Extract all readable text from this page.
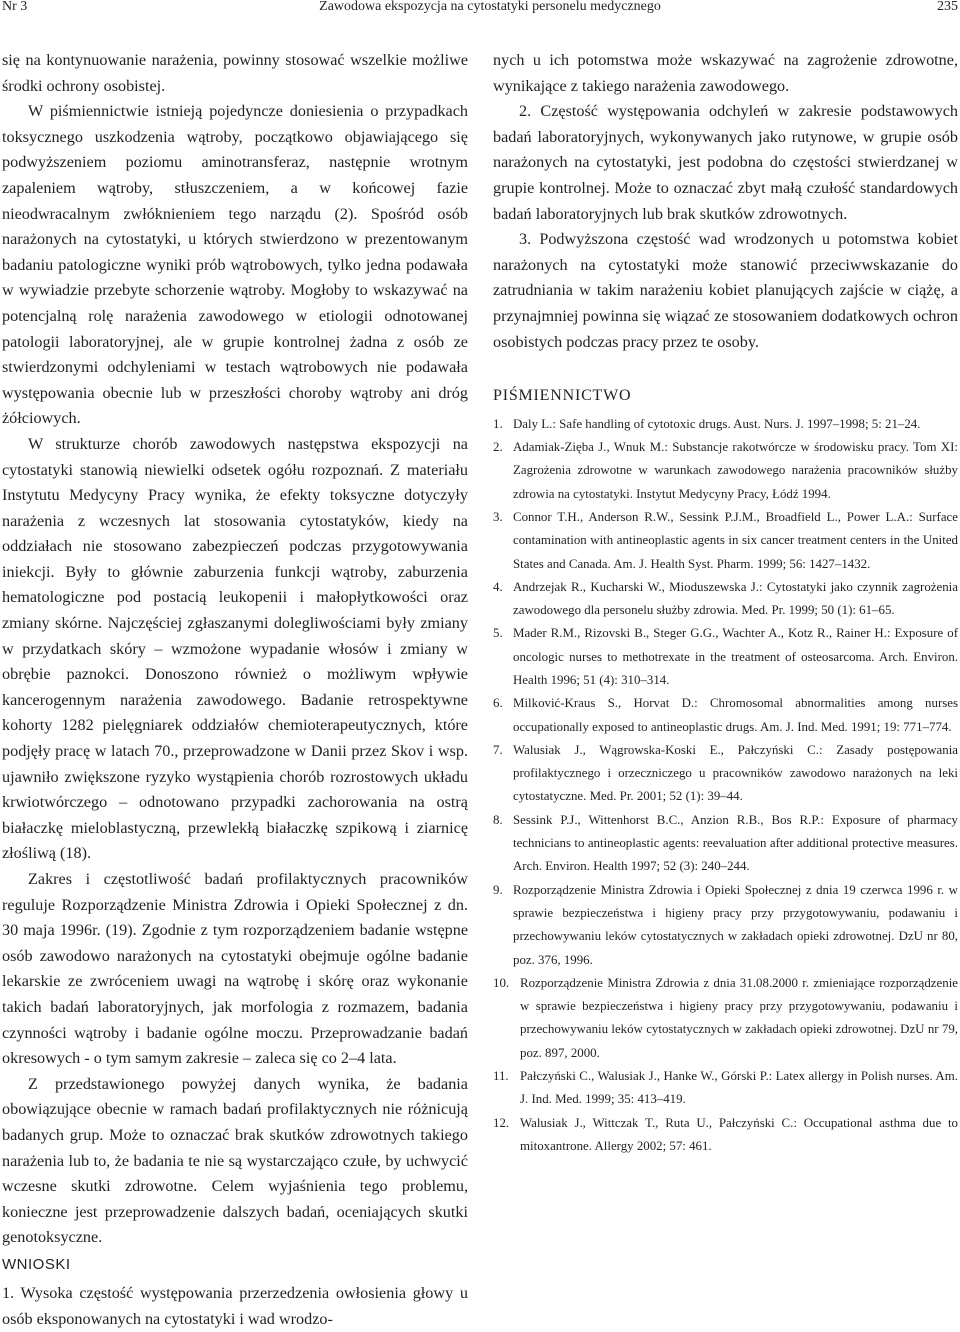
Nr 3	Zawodowa ekspozycja na cytostatyki personelu medycznego	235

się na kontynuowanie narażenia, powinny stosować wszelkie możliwe środki ochrony osobistej.

W piśmiennictwie istnieją pojedyncze doniesienia o przypadkach toksycznego uszkodzenia wątroby, początkowo objawiającego się podwyższeniem poziomu aminotransferaz, następnie wrotnym zapaleniem wątroby, stłuszczeniem, a w końcowej fazie nieodwracalnym zwłóknieniem tego narządu (2). Spośród osób narażonych na cytostatyki, u których stwierdzono w prezentowanym badaniu patologiczne wyniki prób wątrobowych, tylko jedna podawała w wywiadzie przebyte schorzenie wątroby. Mogłoby to wskazywać na potencjalną rolę narażenia zawodowego w etiologii odnotowanej patologii laboratoryjnej, ale w grupie kontrolnej żadna z osób ze stwierdzonymi odchyleniami w testach wątrobowych nie podawała występowania obecnie lub w przeszłości choroby wątroby ani dróg żółciowych.

W strukturze chorób zawodowych następstwa ekspozycji na cytostatyki stanowią niewielki odsetek ogółu rozpoznań. Z materiału Instytutu Medycyny Pracy wynika, że efekty toksyczne dotyczyły narażenia z wczesnych lat stosowania cytostatyków, kiedy na oddziałach nie stosowano zabezpieczeń podczas przygotowywania iniekcji. Były to głównie zaburzenia funkcji wątroby, zaburzenia hematologiczne pod postacią leukopenii i małopłytkowości oraz zmiany skórne. Najczęściej zgłaszanymi dolegliwościami były zmiany w przydatkach skóry – wzmożone wypadanie włosów i zmiany w obrębie paznokci. Donoszono również o możliwym wpływie kancerogennym narażenia zawodowego. Badanie retrospektywne kohorty 1282 pielęgniarek oddziałów chemioterapeutycznych, które podjęły pracę w latach 70., przeprowadzone w Danii przez Skov i wsp. ujawniło zwiększone ryzyko wystąpienia chorób rozrostowych układu krwiotwórczego – odnotowano przypadki zachorowania na ostrą białaczkę mieloblastyczną, przewlekłą białaczkę szpikową i ziarnicę złośliwą (18).

Zakres i częstotliwość badań profilaktycznych pracowników reguluje Rozporządzenie Ministra Zdrowia i Opieki Społecznej z dn. 30 maja 1996r. (19). Zgodnie z tym rozporządzeniem badanie wstępne osób zawodowo narażonych na cytostatyki obejmuje ogólne badanie lekarskie ze zwróceniem uwagi na wątrobę i skórę oraz wykonanie takich badań laboratoryjnych, jak morfologia z rozmazem, badania czynności wątroby i badanie ogólne moczu. Przeprowadzanie badań okresowych - o tym samym zakresie – zaleca się co 2–4 lata.

Z przedstawionego powyżej danych wynika, że badania obowiązujące obecnie w ramach badań profilaktycznych nie różnicują badanych grup. Może to oznaczać brak skutków zdrowotnych takiego narażenia lub to, że badania te nie są wystarczająco czułe, by uchwycić wczesne skutki zdrowotne. Celem wyjaśnienia tego problemu, konieczne jest przeprowadzenie dalszych badań, oceniających skutki genotoksyczne.

WNIOSKI

1. Wysoka częstość występowania przerzedzenia owłosienia głowy u osób eksponowanych na cytostatyki i wad wrodzo-

nych u ich potomstwa może wskazywać na zagrożenie zdrowotne, wynikające z takiego narażenia zawodowego.

2. Częstość występowania odchyleń w zakresie podstawowych badań laboratoryjnych, wykonywanych jako rutynowe, w grupie osób narażonych na cytostatyki, jest podobna do częstości stwierdzanej w grupie kontrolnej. Może to oznaczać zbyt małą czułość standardowych badań laboratoryjnych lub brak skutków zdrowotnych.

3. Podwyższona częstość wad wrodzonych u potomstwa kobiet narażonych na cytostatyki może stanowić przeciwwskazanie do zatrudniania w takim narażeniu kobiet planujących zajście w ciążę, a przynajmniej powinna się wiązać ze stosowaniem dodatkowych ochron osobistych podczas pracy przez te osoby.

PIŚMIENNICTWO
1. Daly L.: Safe handling of cytotoxic drugs. Aust. Nurs. J. 1997–1998; 5: 21–24.
2. Adamiak-Ziębа J., Wnuk M.: Substancje rakotwórcze w środowisku pracy. Tom XI: Zagrożenia zdrowotne w warunkach zawodowego narażenia pracowników służby zdrowia na cytostatyki. Instytut Medycyny Pracy, Łódź 1994.
3. Connor T.H., Anderson R.W., Sessink P.J.M., Broadfield L., Power L.A.: Surface contamination with antineoplastic agents in six cancer treatment centers in the United States and Canada. Am. J. Health Syst. Pharm. 1999; 56: 1427–1432.
4. Andrzejak R., Kucharski W., Mioduszewska J.: Cytostatyki jako czynnik zagrożenia zawodowego dla personelu służby zdrowia. Med. Pr. 1999; 50 (1): 61–65.
5. Mader R.M., Rizovski B., Steger G.G., Wachter A., Kotz R., Rainer H.: Exposure of oncologic nurses to methotrexate in the treatment of osteosarcoma. Arch. Environ. Health 1996; 51 (4): 310–314.
6. Milković-Kraus S., Horvat D.: Chromosomal abnormalities among nurses occupationally exposed to antineoplastic drugs. Am. J. Ind. Med. 1991; 19: 771–774.
7. Walusiak J., Wągrowska-Koski E., Pałczyński C.: Zasady postępowania profilaktycznego i orzeczniczego u pracowników zawodowo narażonych na leki cytostatyczne. Med. Pr. 2001; 52 (1): 39–44.
8. Sessink P.J., Wittenhorst B.C., Anzion R.B., Bos R.P.: Exposure of pharmacy technicians to antineoplastic agents: reevaluation after additional protective measures. Arch. Environ. Health 1997; 52 (3): 240–244.
9. Rozporządzenie Ministra Zdrowia i Opieki Społecznej z dnia 19 czerwca 1996 r. w sprawie bezpieczeństwa i higieny pracy przy przygotowywaniu, podawaniu i przechowywaniu leków cytostatycznych w zakładach opieki zdrowotnej. DzU nr 80, poz. 376, 1996.
10. Rozporządzenie Ministra Zdrowia z dnia 31.08.2000 r. zmieniające rozporządzenie w sprawie bezpieczeństwa i higieny pracy przy przygotowywaniu, podawaniu i przechowywaniu leków cytostatycznych w zakładach opieki zdrowotnej. DzU nr 79, poz. 897, 2000.
11. Pałczyński C., Walusiak J., Hanke W., Górski P.: Latex allergy in Polish nurses. Am. J. Ind. Med. 1999; 35: 413–419.
12. Walusiak J., Wittczak T., Ruta U., Pałczyński C.: Occupational asthma due to mitoxantrone. Allergy 2002; 57: 461.
